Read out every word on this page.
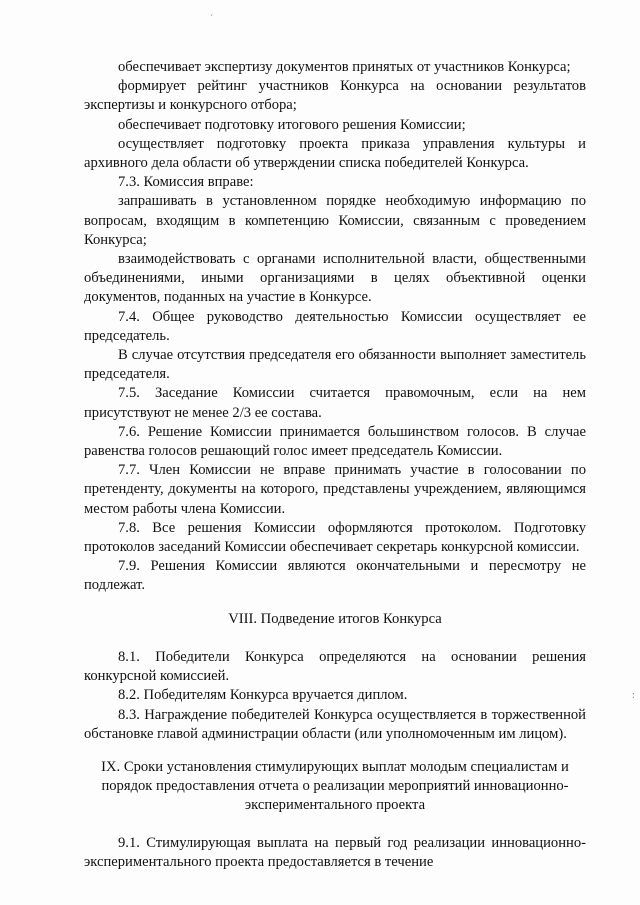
´
:

обеспечивает экспертизу документов принятых от участников Конкурса;

формирует рейтинг участников Конкурса на основании результатов экспертизы и конкурсного отбора;

обеспечивает подготовку итогового решения Комиссии;

осуществляет подготовку проекта приказа управления культуры и архивного дела области об утверждении списка победителей Конкурса.

7.3. Комиссия вправе:

запрашивать в установленном порядке необходимую информацию по вопросам, входящим в компетенцию Комиссии, связанным с проведением Конкурса;

взаимодействовать с органами исполнительной власти, общественными объединениями, иными организациями в целях объективной оценки документов, поданных на участие в Конкурсе.

7.4. Общее руководство деятельностью Комиссии осуществляет ее председатель.

В случае отсутствия председателя его обязанности выполняет заместитель председателя.

7.5. Заседание Комиссии считается правомочным, если на нем присутствуют не менее 2/3 ее состава.

7.6. Решение Комиссии принимается большинством голосов. В случае равенства голосов решающий голос имеет председатель Комиссии.

7.7. Член Комиссии не вправе принимать участие в голосовании по претенденту, документы на которого, представлены учреждением, являющимся местом работы члена Комиссии.

7.8. Все решения Комиссии оформляются протоколом. Подготовку протоколов заседаний Комиссии обеспечивает секретарь конкурсной комиссии.

7.9. Решения Комиссии являются окончательными и пересмотру не подлежат.

VIII. Подведение итогов Конкурса

8.1. Победители Конкурса определяются на основании решения конкурсной комиссией.

8.2. Победителям Конкурса вручается диплом.

8.3. Награждение победителей Конкурса осуществляется в торжественной обстановке главой администрации области (или уполномоченным им лицом).

IX. Сроки установления стимулирующих выплат молодым специалистам и порядок предоставления отчета о реализации мероприятий инновационно-экспериментального проекта

9.1. Стимулирующая выплата на первый год реализации инновационно-экспериментального проекта предоставляется в течение
